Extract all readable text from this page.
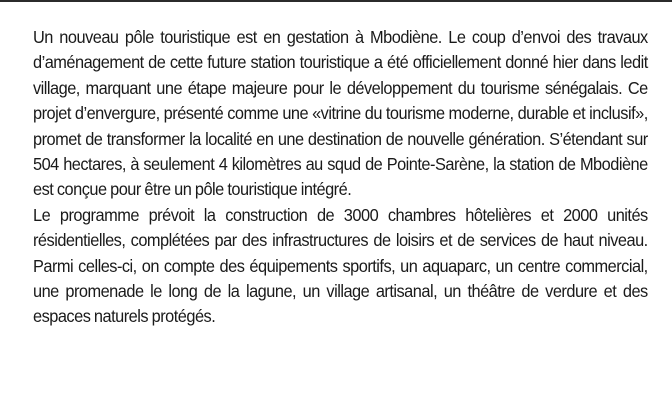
Un nouveau pôle touristique est en gestation à Mbodiène. Le coup d’envoi des travaux d’aménagement de cette future station touristique a été officiellement donné hier dans ledit village, marquant une étape majeure pour le développement du tourisme sénégalais. Ce projet d’envergure, présenté comme une «vitrine du tourisme moderne, durable et inclusif», promet de transformer la localité en une destination de nouvelle génération. S’étendant sur 504 hectares, à seulement 4 kilomètres au squd de Pointe-Sarène, la station de Mbodiène est conçue pour être un pôle touristique intégré.

Le programme prévoit la construction de 3000 chambres hôtelières et 2000 unités résidentielles, complétées par des infrastructures de loisirs et de services de haut niveau. Parmi celles-ci, on compte des équipements sportifs, un aquaparc, un centre commercial, une promenade le long de la lagune, un village artisanal, un théâtre de verdure et des espaces naturels protégés.
